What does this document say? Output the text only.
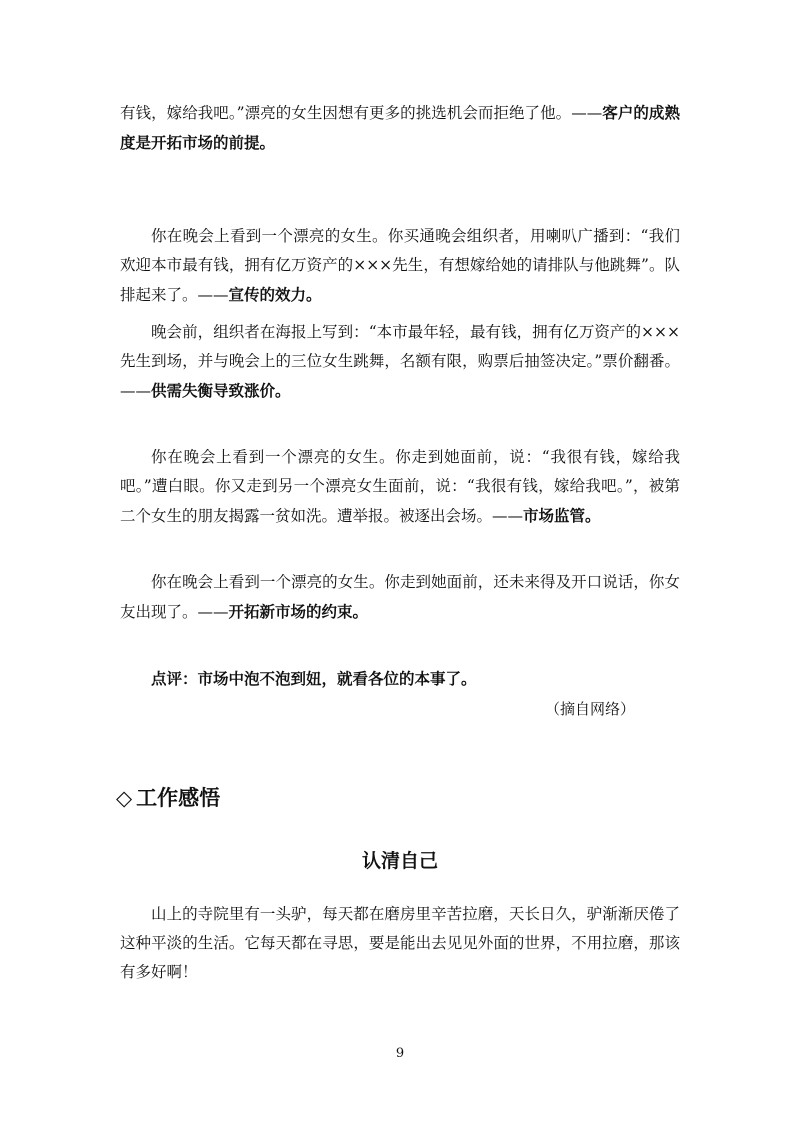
有钱，嫁给我吧。”漂亮的女生因想有更多的挑选机会而拒绝了他。——客户的成熟度是开拓市场的前提。

你在晚会上看到一个漂亮的女生。你买通晚会组织者，用喇叭广播到：“我们欢迎本市最有钱，拥有亿万资产的×××先生，有想嫁给她的请排队与他跳舞”。队排起来了。——宣传的效力。

晚会前，组织者在海报上写到：“本市最年轻，最有钱，拥有亿万资产的×××先生到场，并与晚会上的三位女生跳舞，名额有限，购票后抽签决定。”票价翻番。——供需失衡导致涨价。

你在晚会上看到一个漂亮的女生。你走到她面前，说：“我很有钱，嫁给我吧。”遭白眼。你又走到另一个漂亮女生面前，说：“我很有钱，嫁给我吧。”，被第二个女生的朋友揭露一贫如洗。遭举报。被逐出会场。——市场监管。

你在晚会上看到一个漂亮的女生。你走到她面前，还未来得及开口说话，你女友出现了。——开拓新市场的约束。

点评：市场中泡不泡到妞，就看各位的本事了。

（摘自网络）
◇ 工作感悟
认清自己

山上的寺院里有一头驴，每天都在磨房里辛苦拉磨，天长日久，驴渐渐厌倦了这种平淡的生活。它每天都在寻思，要是能出去见见外面的世界，不用拉磨，那该有多好啊！

9
